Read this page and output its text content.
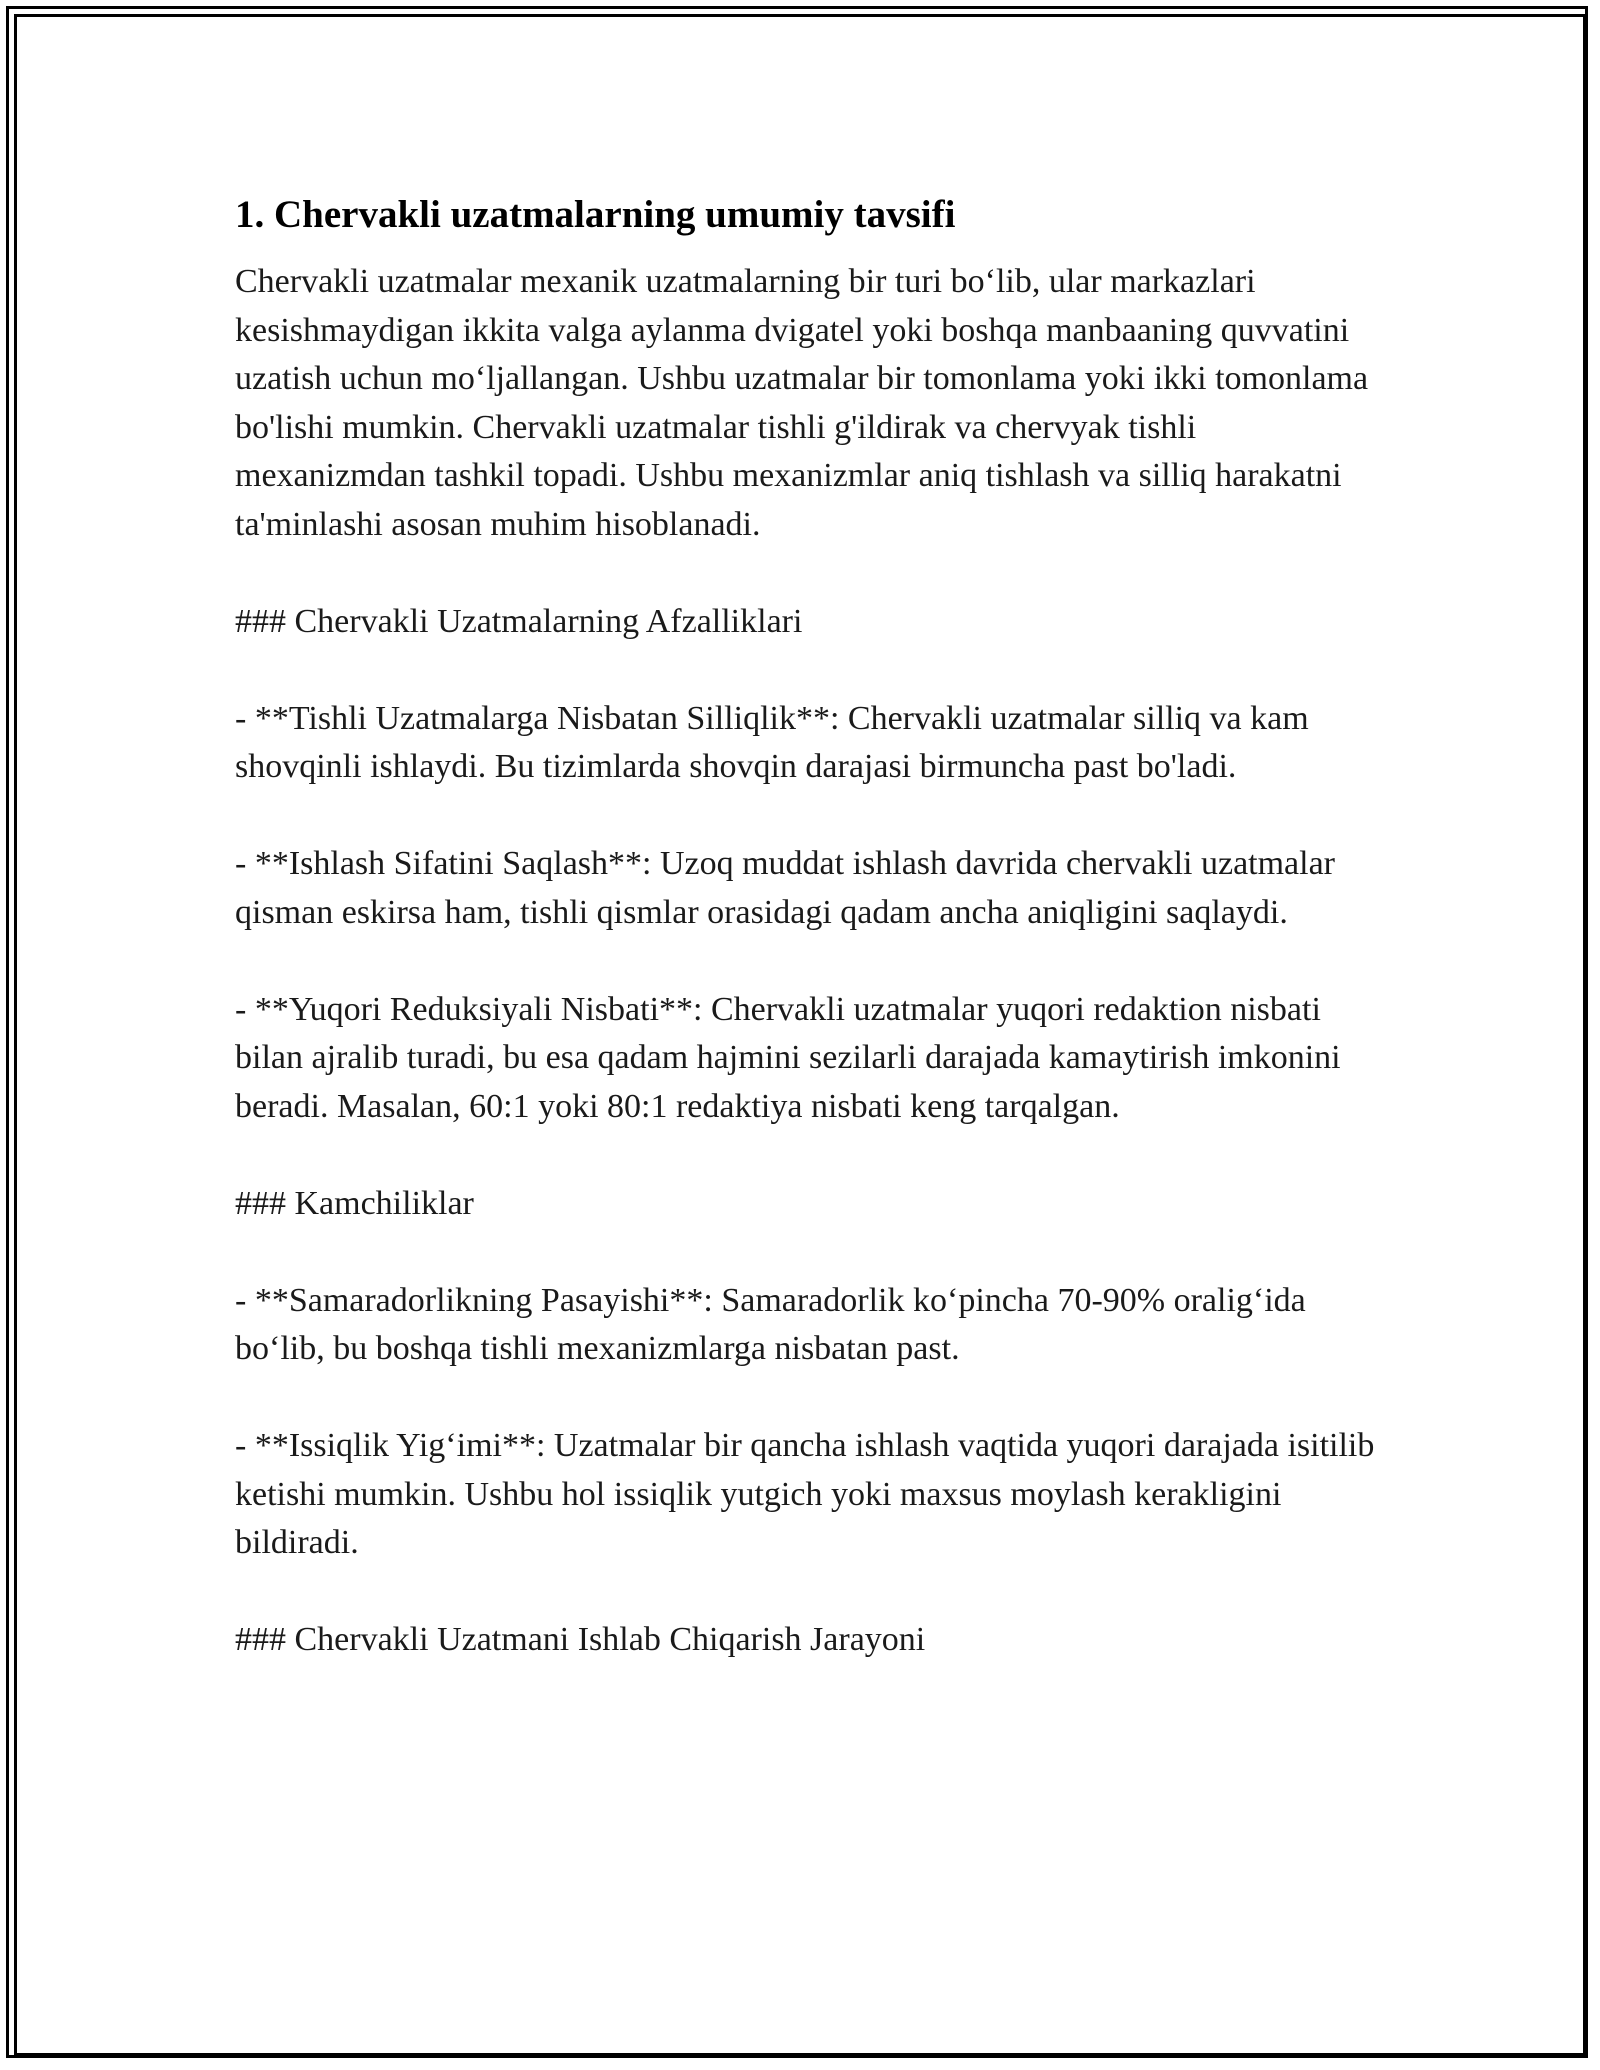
1. Chervakli uzatmalarning umumiy tavsifi

Chervakli uzatmalar mexanik uzatmalarning bir turi bo‘lib, ular markazlari kesishmaydigan ikkita valga aylanma dvigatel yoki boshqa manbaaning quvvatini uzatish uchun mo‘ljallangan. Ushbu uzatmalar bir tomonlama yoki ikki tomonlama bo'lishi mumkin. Chervakli uzatmalar tishli g'ildirak va chervyak tishli mexanizmdan tashkil topadi. Ushbu mexanizmlar aniq tishlash va silliq harakatni ta'minlashi asosan muhim hisoblanadi.

### Chervakli Uzatmalarning Afzalliklari

- **Tishli Uzatmalarga Nisbatan Silliqlik**: Chervakli uzatmalar silliq va kam shovqinli ishlaydi. Bu tizimlarda shovqin darajasi birmuncha past bo'ladi.

- **Ishlash Sifatini Saqlash**: Uzoq muddat ishlash davrida chervakli uzatmalar qisman eskirsa ham, tishli qismlar orasidagi qadam ancha aniqligini saqlaydi.

- **Yuqori Reduksiyali Nisbati**: Chervakli uzatmalar yuqori redaktion nisbati bilan ajralib turadi, bu esa qadam hajmini sezilarli darajada kamaytirish imkonini beradi. Masalan, 60:1 yoki 80:1 redaktiya nisbati keng tarqalgan.

### Kamchiliklar

- **Samaradorlikning Pasayishi**: Samaradorlik ko‘pincha 70-90% oralig‘ida bo‘lib, bu boshqa tishli mexanizmlarga nisbatan past.

- **Issiqlik Yig‘imi**: Uzatmalar bir qancha ishlash vaqtida yuqori darajada isitilib ketishi mumkin. Ushbu hol issiqlik yutgich yoki maxsus moylash kerakligini bildiradi.

### Chervakli Uzatmani Ishlab Chiqarish Jarayoni
